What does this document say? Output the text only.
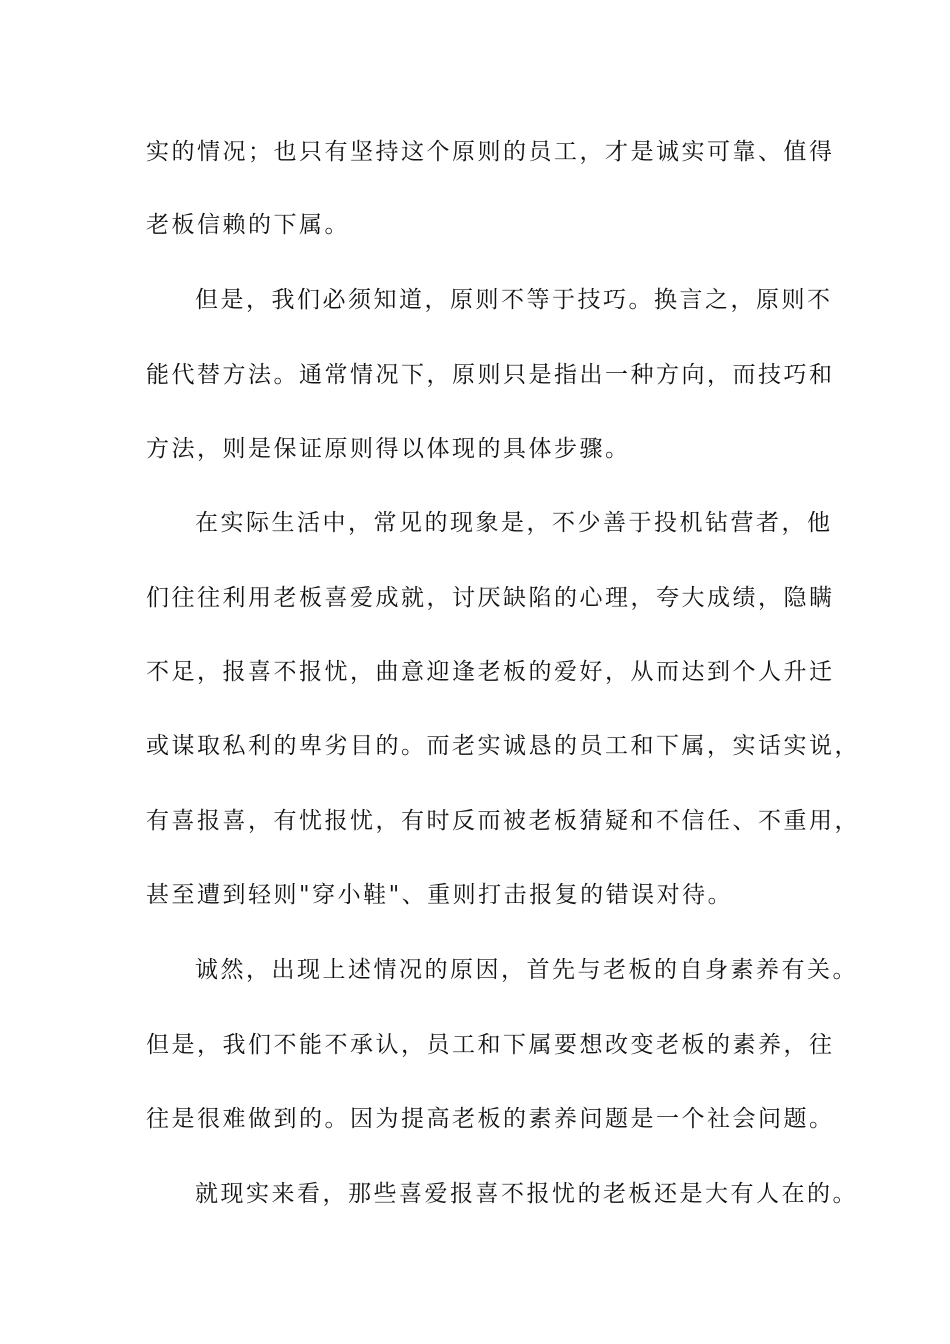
实的情况；也只有坚持这个原则的员工，才是诚实可靠、值得
老板信赖的下属。
但是，我们必须知道，原则不等于技巧。换言之，原则不
能代替方法。通常情况下，原则只是指出一种方向，而技巧和
方法，则是保证原则得以体现的具体步骤。
在实际生活中，常见的现象是，不少善于投机钻营者，他
们往往利用老板喜爱成就，讨厌缺陷的心理，夸大成绩，隐瞒
不足，报喜不报忧，曲意迎逢老板的爱好，从而达到个人升迁
或谋取私利的卑劣目的。而老实诚恳的员工和下属，实话实说，
有喜报喜，有忧报忧，有时反而被老板猜疑和不信任、不重用，
甚至遭到轻则"穿小鞋"、重则打击报复的错误对待。
诚然，出现上述情况的原因，首先与老板的自身素养有关。
但是，我们不能不承认，员工和下属要想改变老板的素养，往
往是很难做到的。因为提高老板的素养问题是一个社会问题。
就现实来看，那些喜爱报喜不报忧的老板还是大有人在的。
